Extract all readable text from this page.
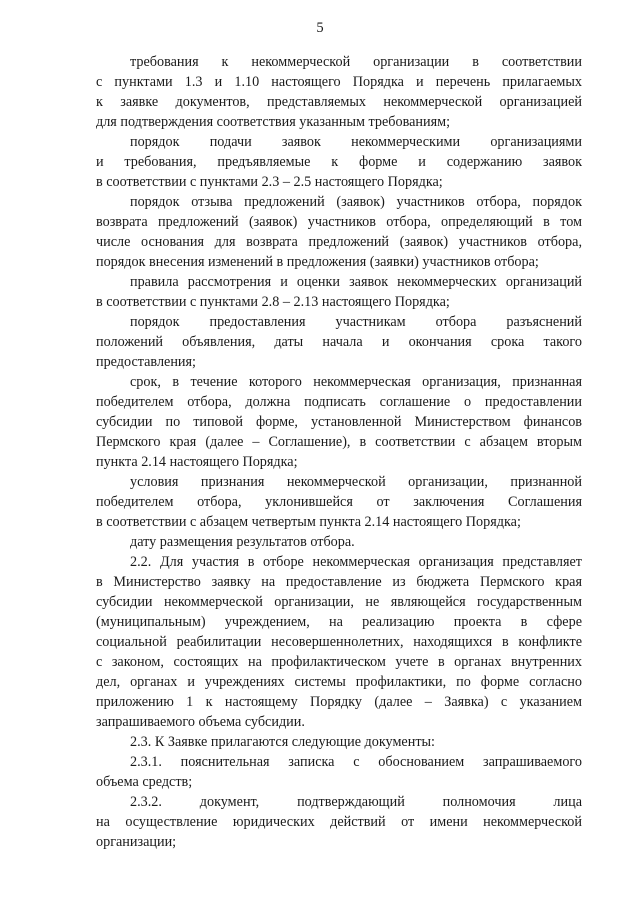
5
требования к некоммерческой организации в соответствии
с пунктами 1.3 и 1.10 настоящего Порядка и перечень прилагаемых
к заявке документов, представляемых некоммерческой организацией
для подтверждения соответствия указанным требованиям;
порядок подачи заявок некоммерческими организациями
и требования, предъявляемые к форме и содержанию заявок
в соответствии с пунктами 2.3 – 2.5 настоящего Порядка;
порядок отзыва предложений (заявок) участников отбора, порядок
возврата предложений (заявок) участников отбора, определяющий в том
числе основания для возврата предложений (заявок) участников отбора,
порядок внесения изменений в предложения (заявки) участников отбора;
правила рассмотрения и оценки заявок некоммерческих организаций
в соответствии с пунктами 2.8 – 2.13 настоящего Порядка;
порядок предоставления участникам отбора разъяснений
положений объявления, даты начала и окончания срока такого
предоставления;
срок, в течение которого некоммерческая организация, признанная
победителем отбора, должна подписать соглашение о предоставлении
субсидии по типовой форме, установленной Министерством финансов
Пермского края (далее – Соглашение), в соответствии с абзацем вторым
пункта 2.14 настоящего Порядка;
условия признания некоммерческой организации, признанной
победителем отбора, уклонившейся от заключения Соглашения
в соответствии с абзацем четвертым пункта 2.14 настоящего Порядка;
дату размещения результатов отбора.
2.2. Для участия в отборе некоммерческая организация представляет
в Министерство заявку на предоставление из бюджета Пермского края
субсидии некоммерческой организации, не являющейся государственным
(муниципальным) учреждением, на реализацию проекта в сфере
социальной реабилитации несовершеннолетних, находящихся в конфликте
с законом, состоящих на профилактическом учете в органах внутренних
дел, органах и учреждениях системы профилактики, по форме согласно
приложению 1 к настоящему Порядку (далее – Заявка) с указанием
запрашиваемого объема субсидии.
2.3. К Заявке прилагаются следующие документы:
2.3.1. пояснительная записка с обоснованием запрашиваемого
объема средств;
2.3.2. документ, подтверждающий полномочия лица
на осуществление юридических действий от имени некоммерческой
организации;
